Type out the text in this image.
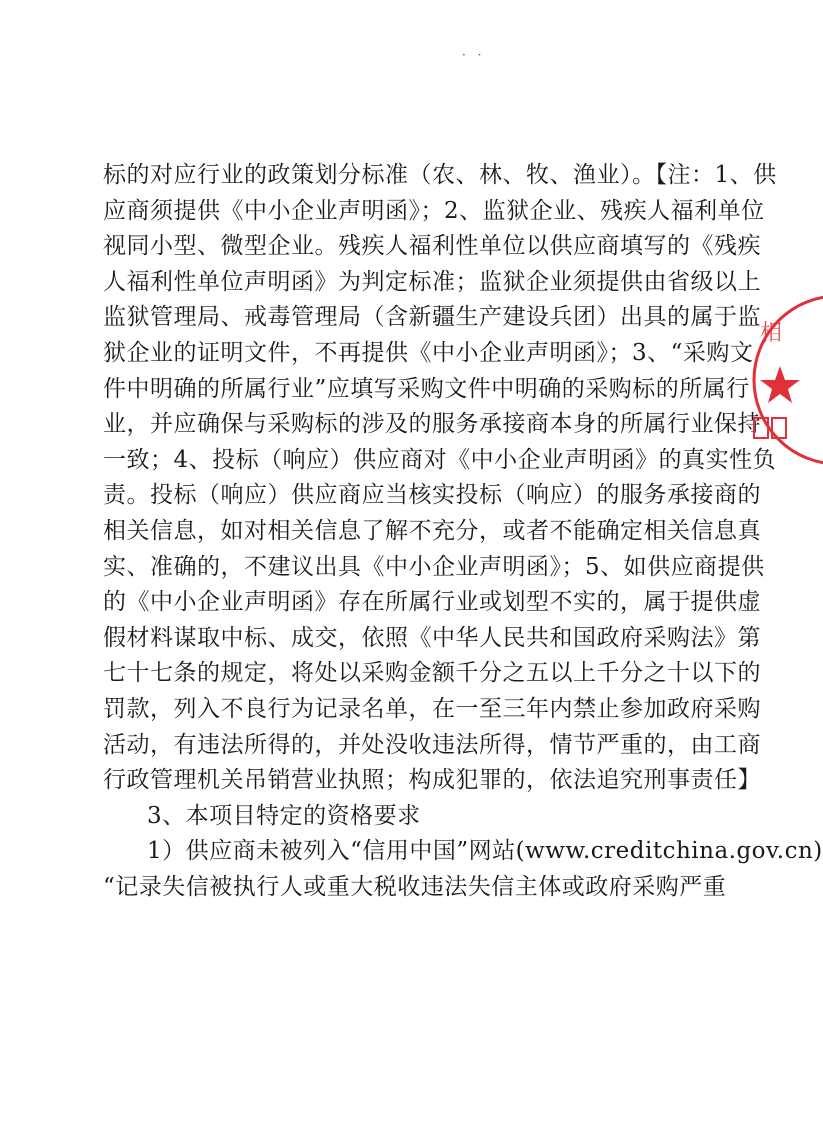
· ·
标的对应行业的政策划分标准（农、林、牧、渔业）。【注：1、供
应商须提供《中小企业声明函》；2、监狱企业、残疾人福利单位
视同小型、微型企业。残疾人福利性单位以供应商填写的《残疾
人福利性单位声明函》为判定标准；监狱企业须提供由省级以上
监狱管理局、戒毒管理局（含新疆生产建设兵团）出具的属于监
狱企业的证明文件，不再提供《中小企业声明函》；3、“采购文
件中明确的所属行业”应填写采购文件中明确的采购标的所属行
业，并应确保与采购标的涉及的服务承接商本身的所属行业保持
一致；4、投标（响应）供应商对《中小企业声明函》的真实性负
责。投标（响应）供应商应当核实投标（响应）的服务承接商的
相关信息，如对相关信息了解不充分，或者不能确定相关信息真
实、准确的，不建议出具《中小企业声明函》；5、如供应商提供
的《中小企业声明函》存在所属行业或划型不实的，属于提供虚
假材料谋取中标、成交，依照《中华人民共和国政府采购法》第
七十七条的规定，将处以采购金额千分之五以上千分之十以下的
罚款，列入不良行为记录名单，在一至三年内禁止参加政府采购
活动，有违法所得的，并处没收违法所得，情节严重的，由工商
行政管理机关吊销营业执照；构成犯罪的，依法追究刑事责任】
3、本项目特定的资格要求
1）供应商未被列入“信用中国”网站(www.creditchina.gov.cn)
“记录失信被执行人或重大税收违法失信主体或政府采购严重
相
